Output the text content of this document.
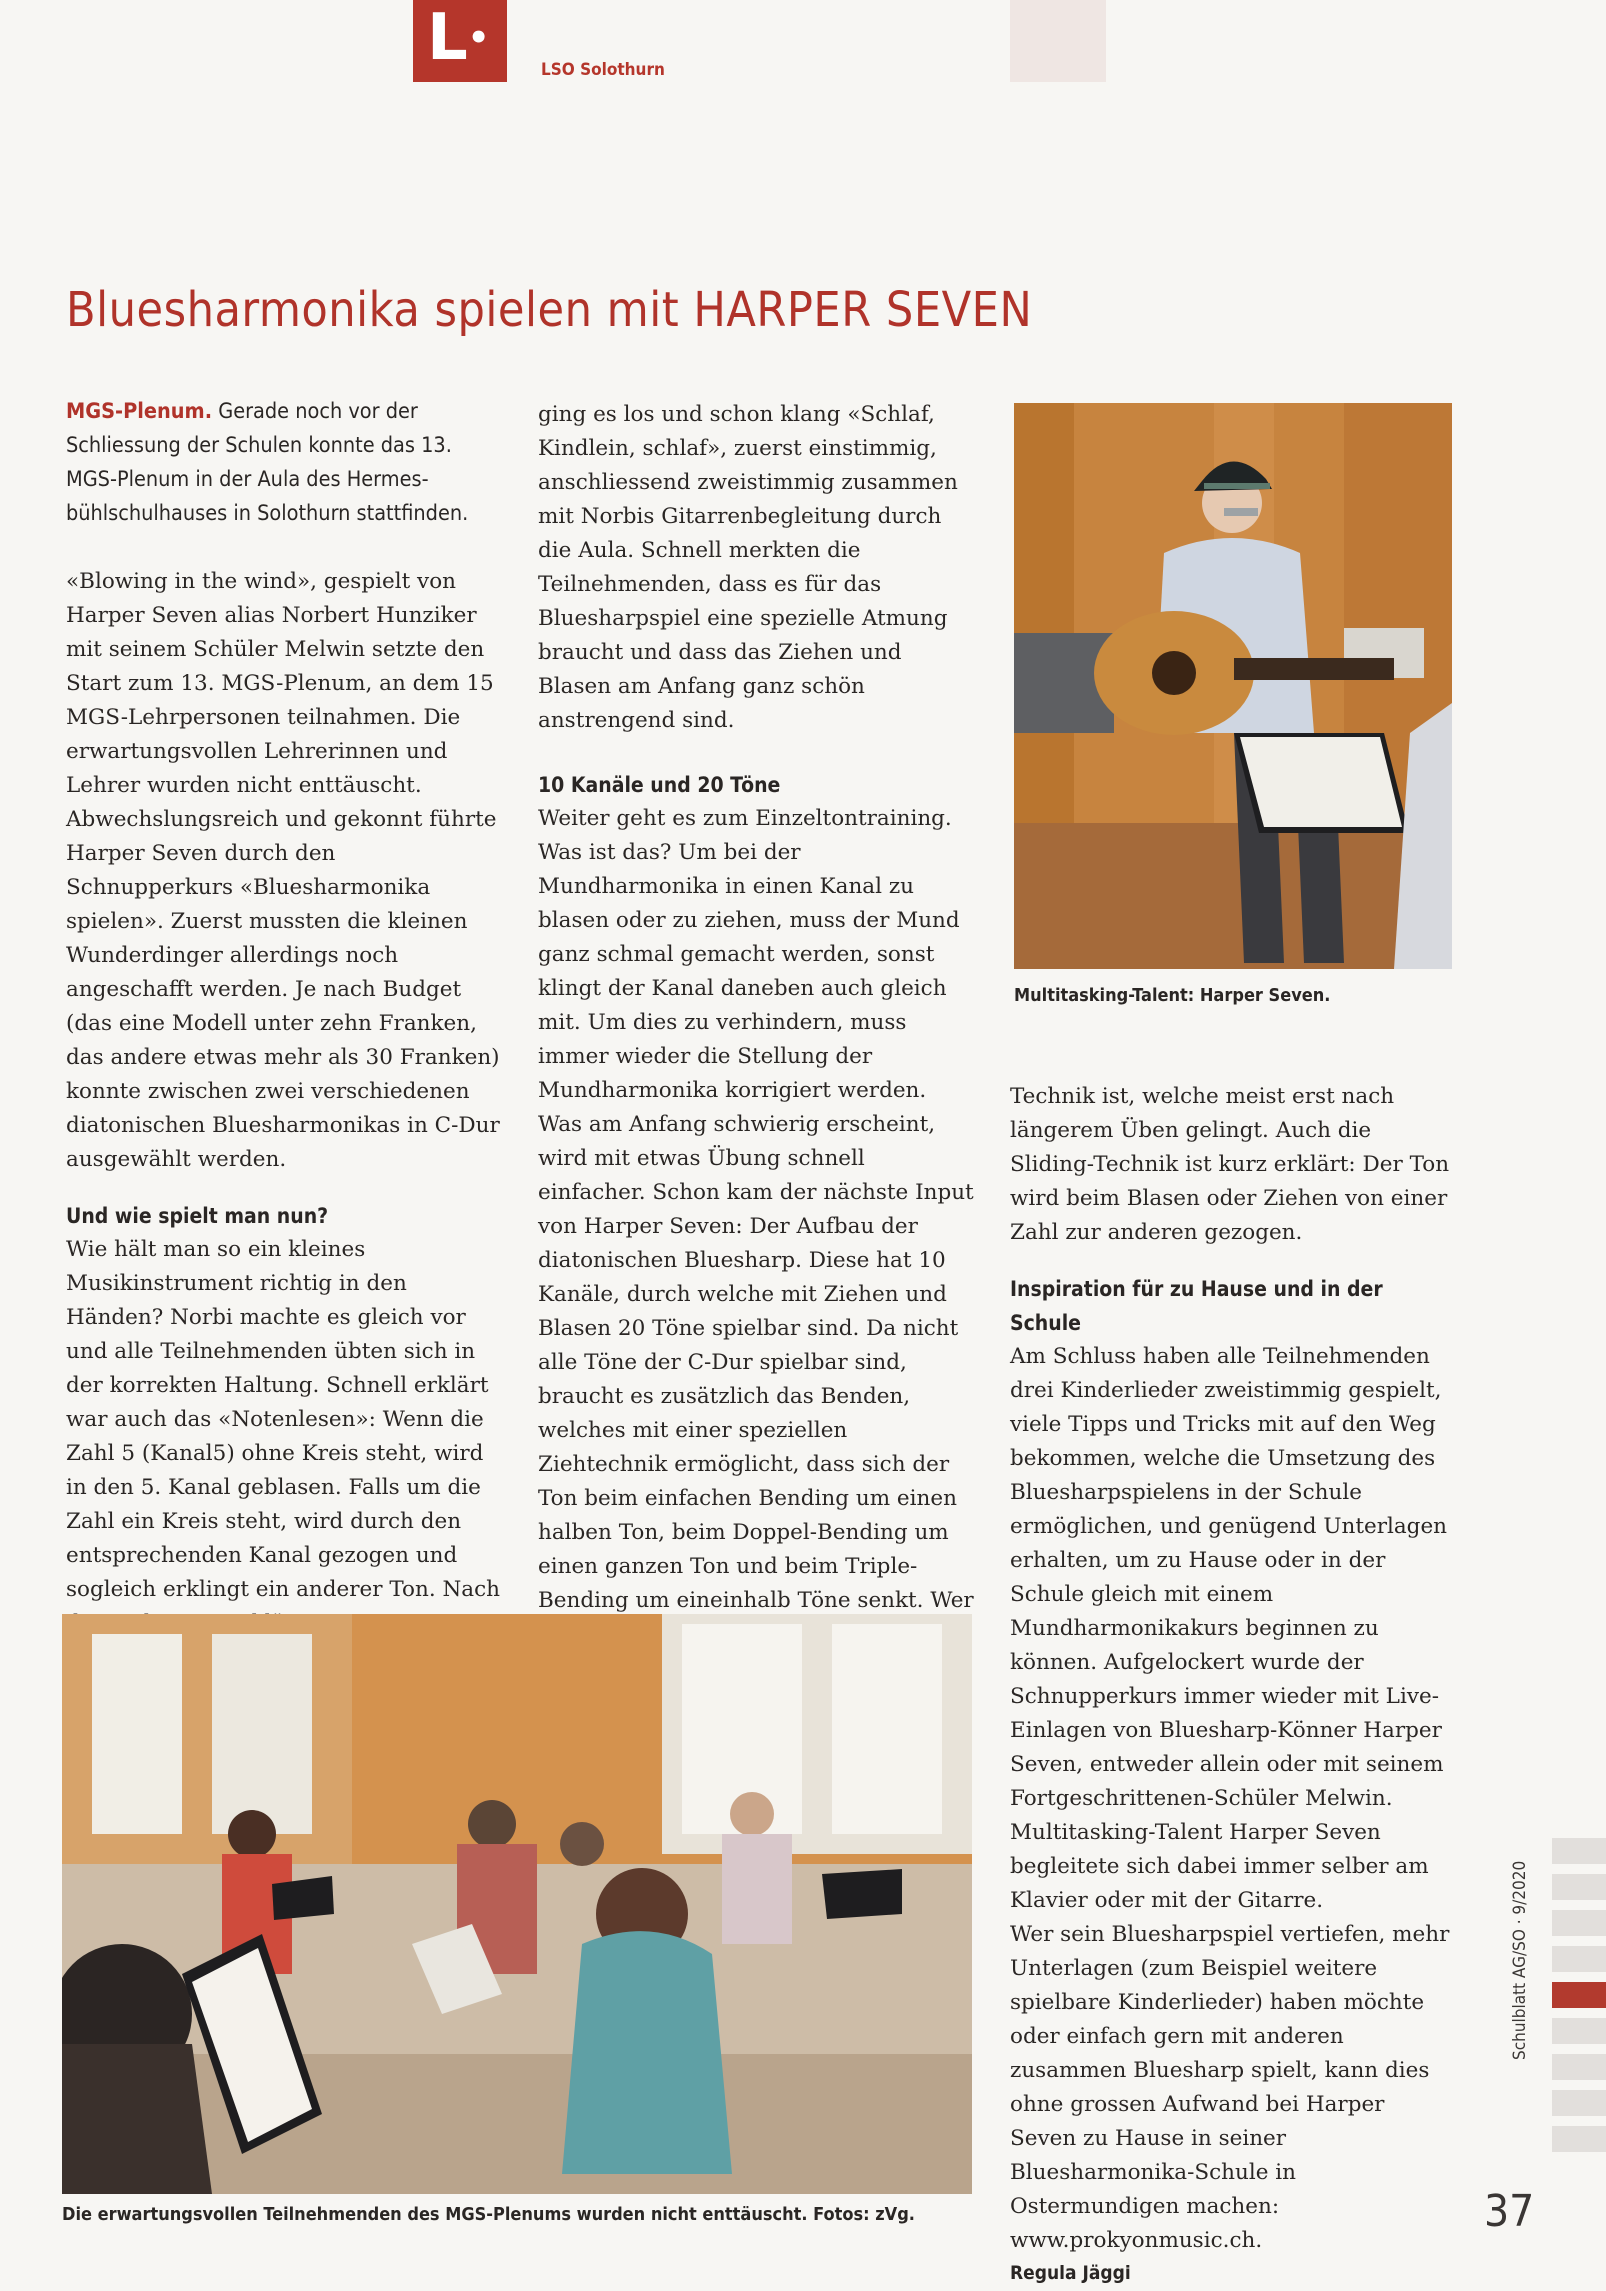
L•
LSO Solothurn
Bluesharmonika spielen mit HARPER SEVEN

MGS-Plenum. Gerade noch vor der Schliessung der Schulen konnte das 13. MGS-Plenum in der Aula des Hermesbühlschulhauses in Solothurn stattfinden.

«Blowing in the wind», gespielt von Harper Seven alias Norbert Hunziker mit seinem Schüler Melwin setzte den Start zum 13. MGS-Plenum, an dem 15 MGS-Lehrpersonen teilnahmen. Die erwartungsvollen Lehrerinnen und Lehrer wurden nicht enttäuscht. Abwechslungsreich und gekonnt führte Harper Seven durch den Schnupperkurs «Bluesharmonika spielen». Zuerst mussten die kleinen Wunderdinger allerdings noch angeschafft werden. Je nach Budget (das eine Modell unter zehn Franken, das andere etwas mehr als 30 Franken) konnte zwischen zwei verschiedenen diatonischen Bluesharmonikas in C-Dur ausgewählt werden.

Und wie spielt man nun?

Wie hält man so ein kleines Musikinstrument richtig in den Händen? Norbi machte es gleich vor und alle Teilnehmenden übten sich in der korrekten Haltung. Schnell erklärt war auch das «Notenlesen»: Wenn die Zahl 5 (Kanal5) ohne Kreis steht, wird in den 5. Kanal geblasen. Falls um die Zahl ein Kreis steht, wird durch den entsprechenden Kanal gezogen und sogleich erklingt ein anderer Ton. Nach

ging es los und schon klang «Schlaf, Kindlein, schlaf», zuerst einstimmig, anschliessend zweistimmig zusammen mit Norbis Gitarrenbegleitung durch die Aula. Schnell merkten die Teilnehmenden, dass es für das Bluesharpspiel eine spezielle Atmung braucht und dass das Ziehen und Blasen am Anfang ganz schön anstrengend sind.

10 Kanäle und 20 Töne

Weiter geht es zum Einzeltontraining. Was ist das? Um bei der Mundharmonika in einen Kanal zu blasen oder zu ziehen, muss der Mund ganz schmal gemacht werden, sonst klingt der Kanal daneben auch gleich mit. Um dies zu verhindern, muss immer wieder die Stellung der Mundharmonika korrigiert werden. Was am Anfang schwierig erscheint, wird mit etwas Übung schnell einfacher. Schon kam der nächste Input von Harper Seven: Der Aufbau der diatonischen Bluesharp. Diese hat 10 Kanäle, durch welche mit Ziehen und Blasen 20 Töne spielbar sind. Da nicht alle Töne der C-Dur spielbar sind, braucht es zusätzlich das Benden, welches mit einer speziellen Ziehtechnik ermöglicht, dass sich der Ton beim einfachen Bending um einen halben Ton, beim Doppel-Bending um einen ganzen Ton und beim Triple-Bending um eineinhalb Töne senkt. Wer

Multitasking-Talent: Harper Seven.

Technik ist, welche meist erst nach längerem Üben gelingt. Auch die Sliding-Technik ist kurz erklärt: Der Ton wird beim Blasen oder Ziehen von einer Zahl zur anderen gezogen.

Inspiration für zu Hause und in der Schule

Am Schluss haben alle Teilnehmenden drei Kinderlieder zweistimmig gespielt, viele Tipps und Tricks mit auf den Weg bekommen, welche die Umsetzung des Bluesharpspielens in der Schule ermöglichen, und genügend Unterlagen erhalten, um zu Hause oder in der Schule gleich mit einem Mundharmonikakurs beginnen zu können. Aufgelockert wurde der Schnupperkurs immer wieder mit Live-Einlagen von Bluesharp-Könner Harper Seven, entweder allein oder mit seinem Fortgeschrittenen-Schüler Melwin. Multitasking-Talent Harper Seven begleitete sich dabei immer selber am Klavier oder mit der Gitarre.

Wer sein Bluesharpspiel vertiefen, mehr Unterlagen (zum Beispiel weitere spielbare Kinderlieder) haben möchte oder einfach gern mit anderen zusammen Bluesharp spielt, kann dies ohne grossen Aufwand bei Harper Seven zu Hause in seiner Bluesharmonika-Schule in Ostermundigen machen: www.prokyonmusic.ch.

Regula Jäggi
Die erwartungsvollen Teilnehmenden des MGS-Plenums wurden nicht enttäuscht. Fotos: zVg.
Schulblatt AG/SO · 9/2020
37
